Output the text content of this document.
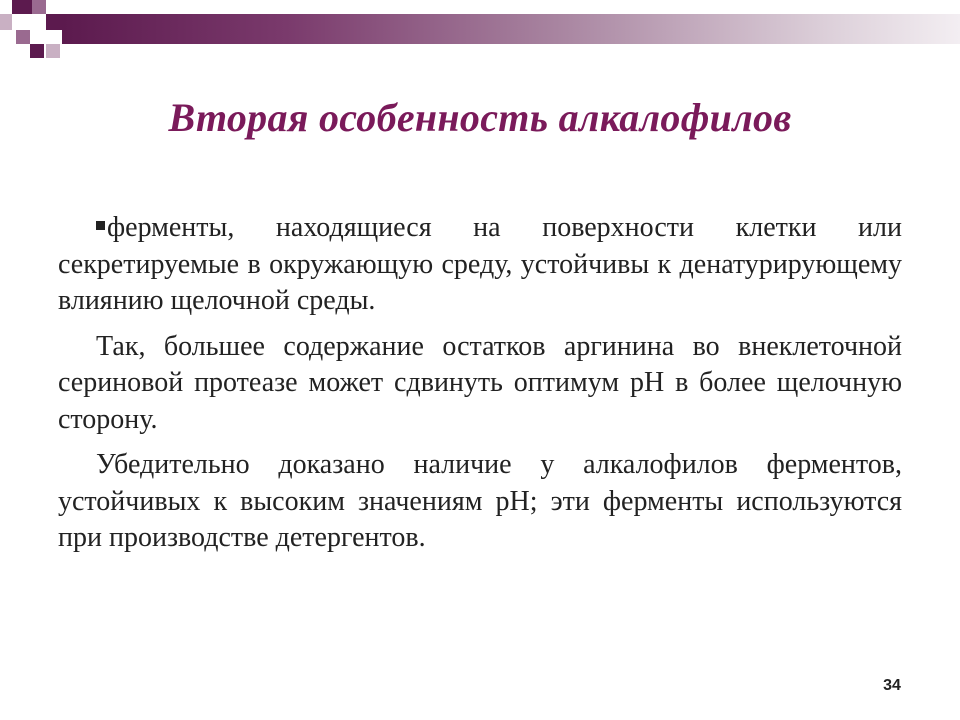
Вторая особенность алкалофилов

ферменты, находящиеся на поверхности клетки или секретируемые в окружающую среду, устойчивы к денатурирующему влиянию щелочной среды.

Так, большее содержание остатков аргинина во внеклеточной сериновой протеазе может сдвинуть оптимум pH в более щелочную сторону.

Убедительно доказано наличие у алкалофилов ферментов, устойчивых к высоким значениям pH; эти ферменты используются при производстве детергентов.

34
